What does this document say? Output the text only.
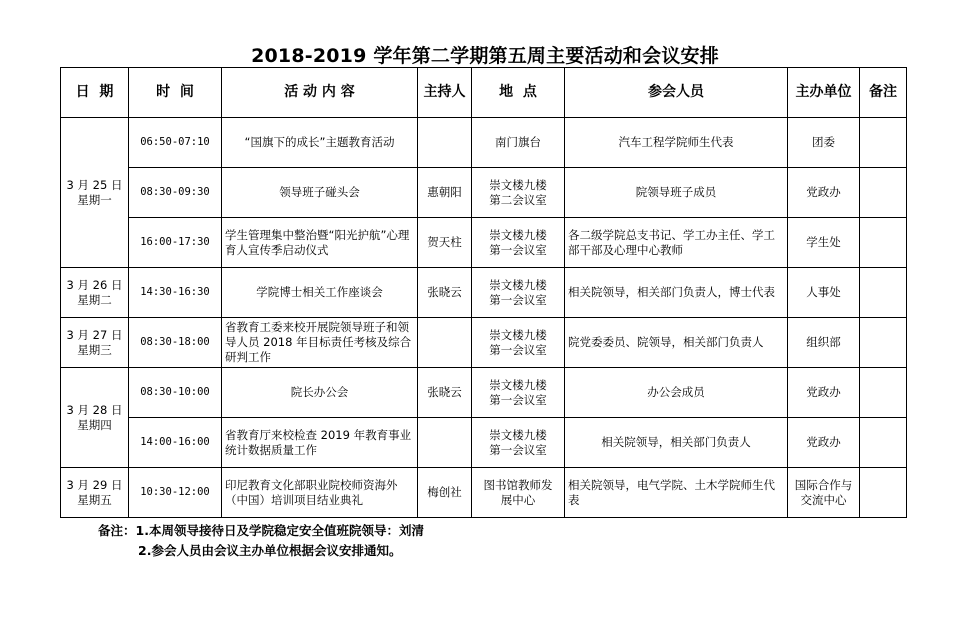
2018-2019 学年第二学期第五周主要活动和会议安排
日  期	时  间	活 动 内 容	主持人	地  点	参会人员	主办单位	备注
3 月 25 日
星期一	06:50-07:10	“国旗下的成长”主题教育活动		南门旗台	汽车工程学院师生代表	团委	
	08:30-09:30	领导班子碰头会	惠朝阳	崇文楼九楼
第二会议室	院领导班子成员	党政办	
	16:00-17:30	学生管理集中整治暨“阳光护航”心理育人宣传季启动仪式	贺天柱	崇文楼九楼
第一会议室	各二级学院总支书记、学工办主任、学工部干部及心理中心教师	学生处	
3 月 26 日
星期二	14:30-16:30	学院博士相关工作座谈会	张晓云	崇文楼九楼
第一会议室	相关院领导，相关部门负责人，博士代表	人事处	
3 月 27 日
星期三	08:30-18:00	省教育工委来校开展院领导班子和领导人员 2018 年目标责任考核及综合研判工作		崇文楼九楼
第一会议室	院党委委员、院领导，相关部门负责人	组织部	
3 月 28 日
星期四	08:30-10:00	院长办公会	张晓云	崇文楼九楼
第一会议室	办公会成员	党政办	
	14:00-16:00	省教育厅来校检查 2019 年教育事业统计数据质量工作		崇文楼九楼
第一会议室	相关院领导，相关部门负责人	党政办	
3 月 29 日
星期五	10:30-12:00	印尼教育文化部职业院校师资海外（中国）培训项目结业典礼	梅创社	图书馆教师发
展中心	相关院领导，电气学院、土木学院师生代表	国际合作与
交流中心	
备注：1.本周领导接待日及学院稳定安全值班院领导：刘清
2.参会人员由会议主办单位根据会议安排通知。
